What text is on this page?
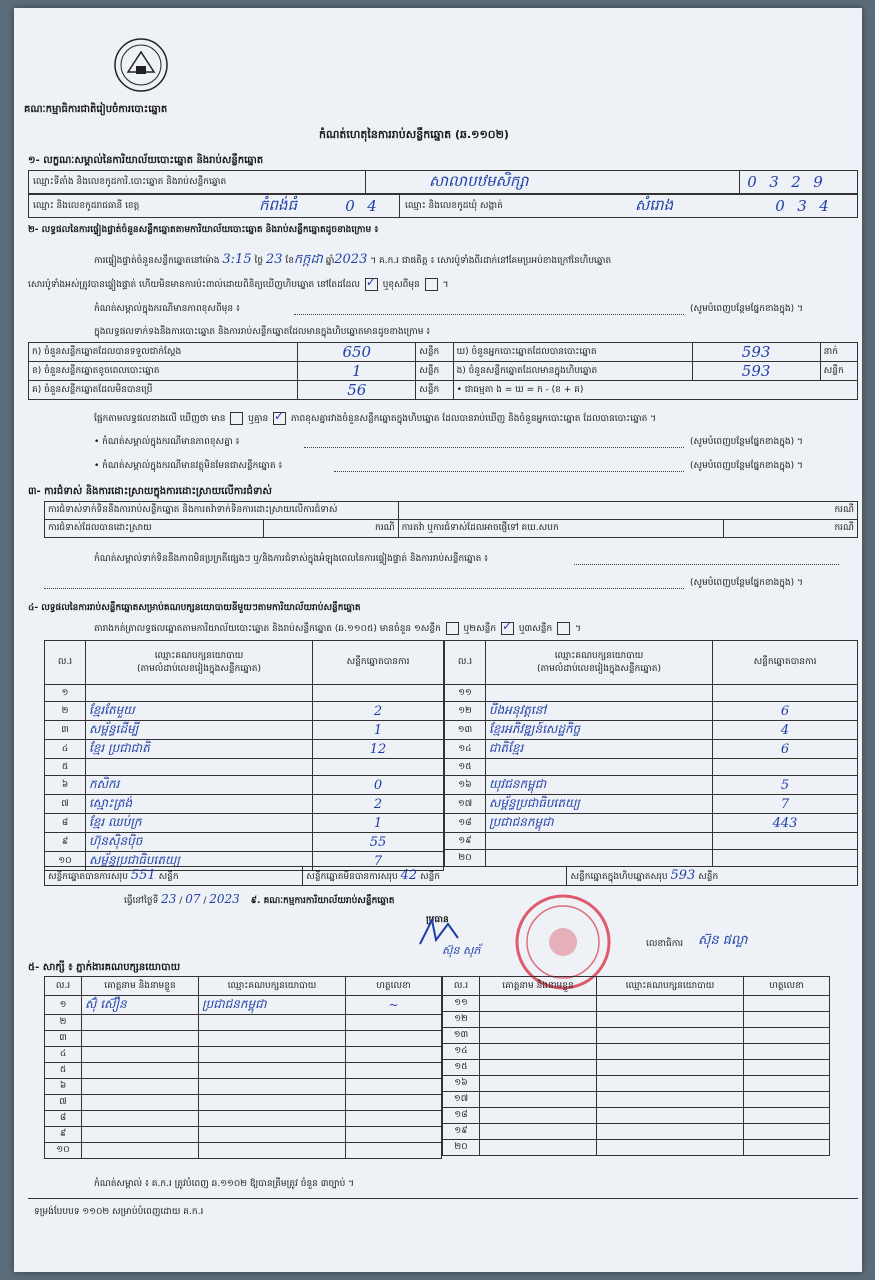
គណៈកម្មាធិការជាតិរៀបចំការបោះឆ្នោត
កំណត់ហេតុនៃការរាប់សន្លឹកឆ្នោត (ឆ.១១០២)
១- លក្ខណៈសម្គាល់នៃការិយាល័យបោះឆ្នោត និងរាប់សន្លឹកឆ្នោត
ឈ្មោះទីតាំង និងលេខកូដការិ.បោះឆ្នោត និងរាប់សន្លឹកឆ្នោត	សាលាបឋមសិក្សា	0 3 2 9
ឈ្មោះ និងលេខកូដរាជធានី ខេត្ត	កំពង់ធំ	0 4	ឈ្មោះ និងលេខកូដឃុំ សង្កាត់	សំរោង	0 3 4
២- លទ្ធផលនៃការផ្ទៀងផ្ទាត់ចំនួនសន្លឹកឆ្នោតតាមការិយាល័យបោះឆ្នោត និងរាប់សន្លឹកឆ្នោតដូចខាងក្រោម ៖
ការផ្ទៀងផ្ទាត់ចំនួនសន្លឹកឆ្នោតនៅម៉ោង 3:15 ថ្ងៃ 23 ខែកក្កដា ឆ្នាំ2023 ។ គ.ក.រ ជាផតិត្ត ៖ សោរប៉ូទាំងពីរដាក់នៅគែមប្រអប់ខាងក្រៅនៃហិបឆ្នោត
សោរប៉ូទាំងអស់ត្រូវបានផ្ទៀងផ្ទាត់ ហើយមិនមានការប៉ះពាល់ដោយពិនិត្យឃើញហិបឆ្នោត នៅតែដដែល ✓	ឬខុសពីមុន	។
កំណត់សម្គាល់ក្នុងករណីមានភាពខុសពីមុន ៖	(សូមបំពេញបន្ថែមផ្នែកខាងក្នុង) ។
ក្នុងលទ្ធផលទាក់ទងនឹងការបោះឆ្នោត និងការរាប់សន្លឹកឆ្នោតដែលមានក្នុងហិបឆ្នោតមានដូចខាងក្រោម ៖
ក) ចំនួនសន្លឹកឆ្នោតដែលបានទទួលជាក់ស្តែង	650	សន្លឹក	ឃ) ចំនួនអ្នកបោះឆ្នោតដែលបានបោះឆ្នោត	593	នាក់
ខ) ចំនួនសន្លឹកឆ្នោតខូចពេលបោះឆ្នោត	1	សន្លឹក	ង) ចំនួនសន្លឹកឆ្នោតដែលមានក្នុងហិបឆ្នោត	593	សន្លឹក
គ) ចំនួនសន្លឹកឆ្នោតដែលមិនបានប្រើ	56	សន្លឹក	• ជាធម្មតា ង = ឃ = ក - (ខ + គ)		
ផ្អែកតាមលទ្ធផលខាងលើ ឃើញថា មាន	ឬគ្មាន ✓	ភាពខុសគ្នារវាងចំនួនសន្លឹកឆ្នោតក្នុងហិបឆ្នោត ដែលបានរាប់ឃើញ និងចំនួនអ្នកបោះឆ្នោត ដែលបានបោះឆ្នោត ។
• កំណត់សម្គាល់ក្នុងករណីមានភាពខុសគ្នា ៖	(សូមបំពេញបន្ថែមផ្នែកខាងក្នុង) ។
• កំណត់សម្គាល់ក្នុងករណីមានវត្ថុមិនមែនជាសន្លឹកឆ្នោត ៖	(សូមបំពេញបន្ថែមផ្នែកខាងក្នុង) ។
៣- ការជំទាស់ និងការដោះស្រាយក្នុងការដោះស្រាយលើការជំទាស់
ការជំទាស់ទាក់ទិននឹងការរាប់សន្លឹកឆ្នោត និងការតវ៉ាទាក់ទិនការដោះស្រាយលើការជំទាស់		ករណី	
ការជំទាស់ដែលបានដោះស្រាយ	ករណី	ការតវ៉ា ឬការជំទាស់ដែលអាចផ្ញើទៅ គឃ.សបក	ករណី
កំណត់សម្គាល់ទាក់ទិននឹងភាពមិនប្រក្រតីផ្សេងៗ ឬ/និងការជំទាស់ក្នុងអំឡុងពេលនៃការផ្ទៀងផ្ទាត់ និងការរាប់សន្លឹកឆ្នោត ៖
(សូមបំពេញបន្ថែមផ្នែកខាងក្នុង) ។
៤- លទ្ធផលនៃការរាប់សន្លឹកឆ្នោតសម្រាប់គណបក្សនយោបាយនីមួយៗតាមការិយាល័យរាប់សន្លឹកឆ្នោត
តារាងកត់ត្រាលទ្ធផលឆ្នោតតាមការិយាល័យបោះឆ្នោត និងរាប់សន្លឹកឆ្នោត (ឆ.១១០៥) មានចំនួន ១សន្លឹក	ឬ២សន្លឹក ✓	ឬ៣សន្លឹក  ។
ល.រ	ឈ្មោះគណបក្សនយោបាយ
(តាមលំដាប់លេខរៀងក្នុងសន្លឹកឆ្នោត)	សន្លឹកឆ្នោតបានការ
១		
២	ខ្មែរតែមួយ	2
៣	សម្ព័ន្ធដើម្បី	1
៤	ខ្មែរ ប្រជាជាតិ	12
៥		
៦	កសិករ	0
៧	ស្មោះត្រង់	2
៨	ខ្មែរ ឈប់ក្រ	1
៩	ហ៊ុនស៊ិនប៉ិច	55
១០	សម្ព័ន្ធប្រជាធិបតេយ្យ	7
ល.រ	ឈ្មោះគណបក្សនយោបាយ
(តាមលំដាប់លេខរៀងក្នុងសន្លឹកឆ្នោត)	សន្លឹកឆ្នោតបានការ
១១		
១២	បីងអនុវត្តនៅ	6
១៣	ខ្មែរអភិវឌ្ឍន៍សេដ្ឋកិច្ច	4
១៤	ជាតិខ្មែរ	6
១៥		
១៦	យុវជនកម្ពុជា	5
១៧	សម្ព័ន្ធប្រជាធិបតេយ្យ	7
១៨	ប្រជាជនកម្ពុជា	443
១៩		
២០		
សន្លឹកឆ្នោតបានការសរុប 551 សន្លឹក	សន្លឹកឆ្នោតមិនបានការសរុប 42 សន្លឹក	សន្លឹកឆ្នោតក្នុងហិបឆ្នោតសរុប 593 សន្លឹក
ធ្វើនៅថ្ងៃទី 23 / 07 / 2023 ៩. គណៈកម្មការការិយាល័យរាប់សន្លឹកឆ្នោត
ប្រធាន
ស៊ុន សុភ័	លេខាធិការ ស៊ុន ផល្លា
៥- សាក្សី ៖ ភ្នាក់ងារគណបក្សនយោបាយ
ល.រ	គោត្តនាម និងនាមខ្លួន	ឈ្មោះគណបក្សនយោបាយ	ហត្ថលេខា
១	ស៊ុំ ស៊ឿន	ប្រជាជនកម្ពុជា	~
២			
៣			
៤			
៥			
៦			
៧			
៨			
៩			
១០			
ល.រ	គោត្តនាម និងនាមខ្លួន	ឈ្មោះគណបក្សនយោបាយ	ហត្ថលេខា
១១			
១២			
១៣			
១៤			
១៥			
១៦			
១៧			
១៨			
១៩			
២០			
កំណត់សម្គាល់ ៖ គ.ក.រ ត្រូវបំពេញ ឆ.១១០២ ឱ្យបានត្រឹមត្រូវ ចំនួន ៣ច្បាប់ ។
ទម្រង់បែបបទ ១១០២ សម្រាប់បំពេញដោយ គ.ក.រ
